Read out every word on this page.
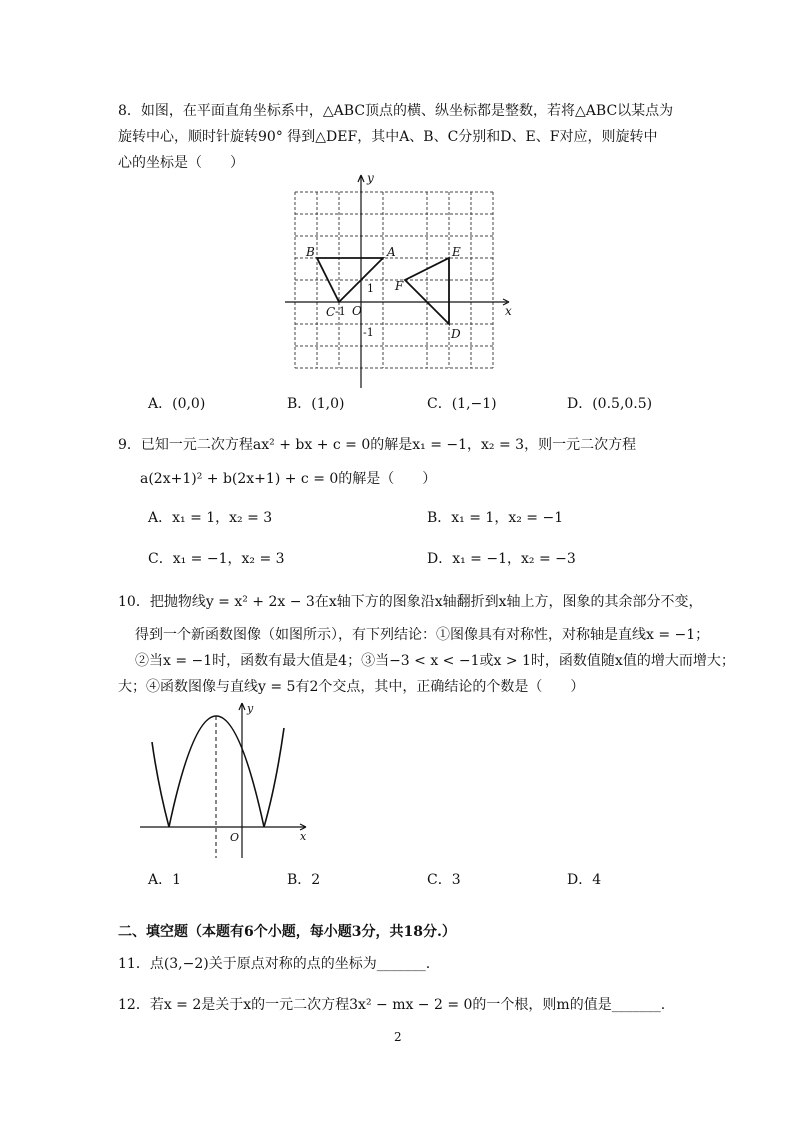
8．如图，在平面直角坐标系中，△ABC顶点的横、纵坐标都是整数，若将△ABC以某点为
旋转中心，顺时针旋转90° 得到△DEF，其中A、B、C分别和D、E、F对应，则旋转中
心的坐标是（　　）
B	A	E
F
C
D
O	x
y
1
-1
-1
A．(0,0)	B．(1,0)	C．(1,−1)	D．(0.5,0.5)
9．已知一元二次方程ax² + bx + c = 0的解是x₁ = −1，x₂ = 3，则一元二次方程
a(2x+1)² + b(2x+1) + c = 0的解是（　　）
A．x₁ = 1，x₂ = 3	B．x₁ = 1，x₂ = −1
C．x₁ = −1，x₂ = 3	D．x₁ = −1，x₂ = −3
10．把抛物线y = x² + 2x − 3在x轴下方的图象沿x轴翻折到x轴上方，图象的其余部分不变，
得到一个新函数图像（如图所示），有下列结论：①图像具有对称性，对称轴是直线x = −1；
②当x = −1时，函数有最大值是4；③当−3 < x < −1或x > 1时，函数值随x值的增大而增大；
大；④函数图像与直线y = 5有2个交点，其中，正确结论的个数是（　　）
x
y
O
A．1	B．2	C．3	D．4
二、填空题（本题有6个小题，每小题3分，共18分.）
11．点(3,−2)关于原点对称的点的坐标为_______.
12．若x = 2是关于x的一元二次方程3x² − mx − 2 = 0的一个根，则m的值是_______.
2
